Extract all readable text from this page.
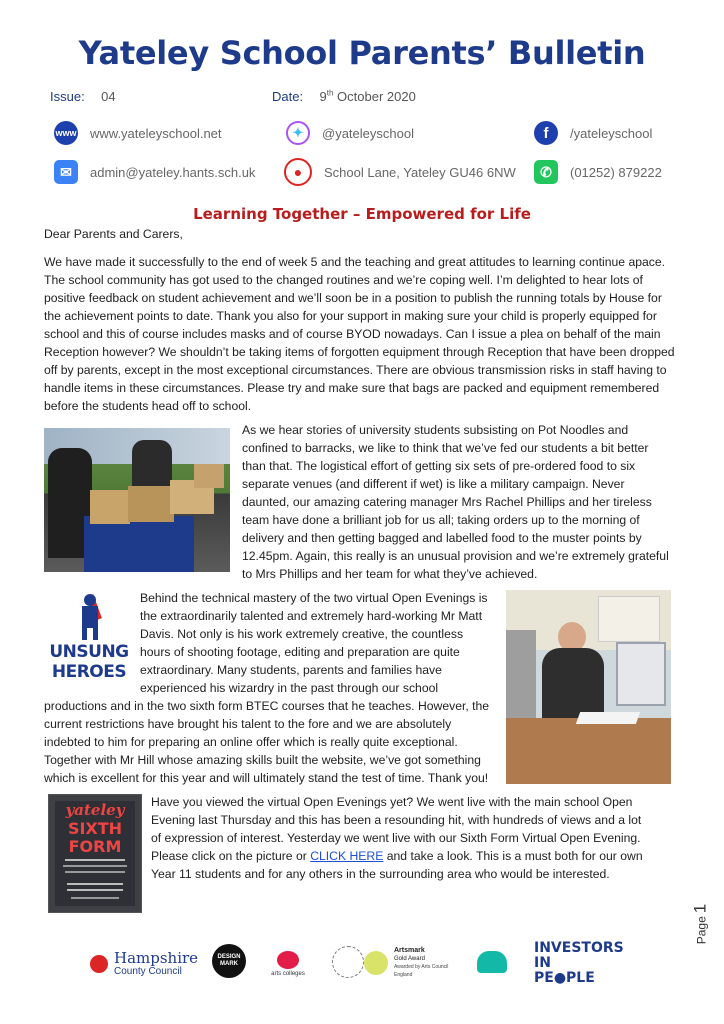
Yateley School Parents’ Bulletin
Issue: 04	Date: 9th October 2020
www www.yateleyschool.net	✦	@yateleyschool	f	/yateleyschool
✉	admin@yateley.hants.sch.uk	●	School Lane, Yateley GU46 6NW	✆	(01252) 879222
Learning Together – Empowered for Life

Dear Parents and Carers,

We have made it successfully to the end of week 5 and the teaching and great attitudes to learning continue apace. The school community has got used to the changed routines and we’re coping well. I’m delighted to hear lots of positive feedback on student achievement and we’ll soon be in a position to publish the running totals by House for the achievement points to date. Thank you also for your support in making sure your child is properly equipped for school and this of course includes masks and of course BYOD nowadays. Can I issue a plea on behalf of the main Reception however? We shouldn’t be taking items of forgotten equipment through Reception that have been dropped off by parents, except in the most exceptional circumstances. There are obvious transmission risks in staff having to handle items in these circumstances. Please try and make sure that bags are packed and equipment remembered before the students head off to school.

As we hear stories of university students subsisting on Pot Noodles and confined to barracks, we like to think that we’ve fed our students a bit better than that. The logistical effort of getting six sets of pre-ordered food to six separate venues (and different if wet) is like a military campaign. Never daunted, our amazing catering manager Mrs Rachel Phillips and her tireless team have done a brilliant job for us all; taking orders up to the morning of delivery and then getting bagged and labelled food to the muster points by 12.45pm. Again, this really is an unusual provision and we’re extremely grateful to Mrs Phillips and her team for what they’ve achieved.

UNSUNG
HEROES

Behind the technical mastery of the two virtual Open Evenings is the extraordinarily talented and extremely hard-working Mr Matt Davis. Not only is his work extremely creative, the countless hours of shooting footage, editing and preparation are quite extraordinary. Many students, parents and families have experienced his wizardry in the past through our school

productions and in the two sixth form BTEC courses that he teaches. However, the current restrictions have brought his talent to the fore and we are absolutely indebted to him for preparing an online offer which is really quite exceptional. Together with Mr Hill whose amazing skills built the website, we’ve got something which is excellent for this year and will ultimately stand the test of time. Thank you!

yateley
SIXTH
FORM

Have you viewed the virtual Open Evenings yet? We went live with the main school Open Evening last Thursday and this has been a resounding hit, with hundreds of views and a lot of expression of interest. Yesterday we went live with our Sixth Form Virtual Open Evening. Please click on the picture or CLICK HERE and take a look. This is a must both for our own Year 11 students and for any others in the surrounding area who would be interested.

Page1
Hampshire
County Council
DESIGN MARK
arts colleges
Artsmark
Gold Award
Awarded by Arts Council England
INVESTORS
IN PE●PLE
